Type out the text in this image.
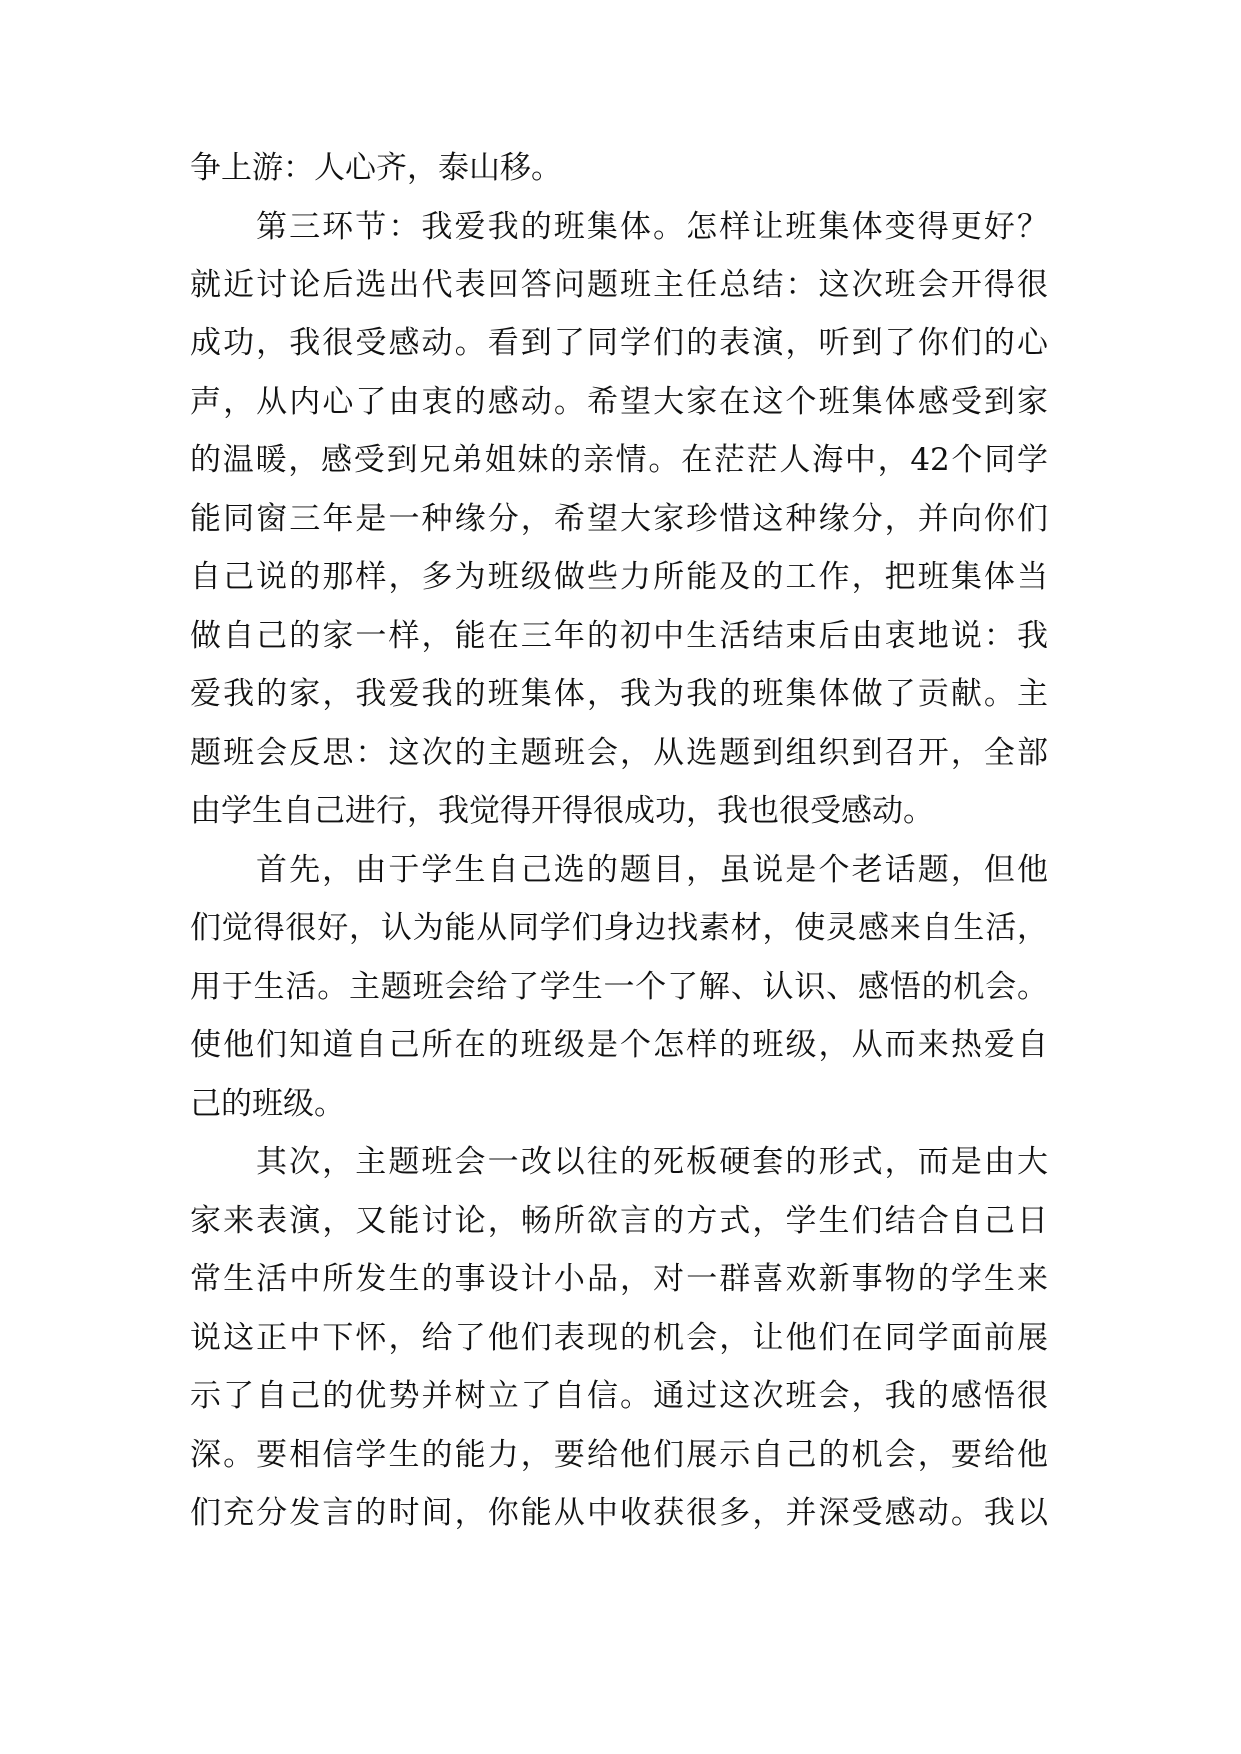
争上游：人心齐，泰山移。

第三环节：我爱我的班集体。怎样让班集体变得更好？

就近讨论后选出代表回答问题班主任总结：这次班会开得很

成功，我很受感动。看到了同学们的表演，听到了你们的心

声，从内心了由衷的感动。希望大家在这个班集体感受到家

的温暖，感受到兄弟姐妹的亲情。在茫茫人海中，42个同学

能同窗三年是一种缘分，希望大家珍惜这种缘分，并向你们

自己说的那样，多为班级做些力所能及的工作，把班集体当

做自己的家一样，能在三年的初中生活结束后由衷地说：我

爱我的家，我爱我的班集体，我为我的班集体做了贡献。主

题班会反思：这次的主题班会，从选题到组织到召开，全部

由学生自己进行，我觉得开得很成功，我也很受感动。

首先，由于学生自己选的题目，虽说是个老话题，但他

们觉得很好，认为能从同学们身边找素材，使灵感来自生活，

用于生活。主题班会给了学生一个了解、认识、感悟的机会。

使他们知道自己所在的班级是个怎样的班级，从而来热爱自

己的班级。

其次，主题班会一改以往的死板硬套的形式，而是由大

家来表演，又能讨论，畅所欲言的方式，学生们结合自己日

常生活中所发生的事设计小品，对一群喜欢新事物的学生来

说这正中下怀，给了他们表现的机会，让他们在同学面前展

示了自己的优势并树立了自信。通过这次班会，我的感悟很

深。要相信学生的能力，要给他们展示自己的机会，要给他

们充分发言的时间，你能从中收获很多，并深受感动。我以
